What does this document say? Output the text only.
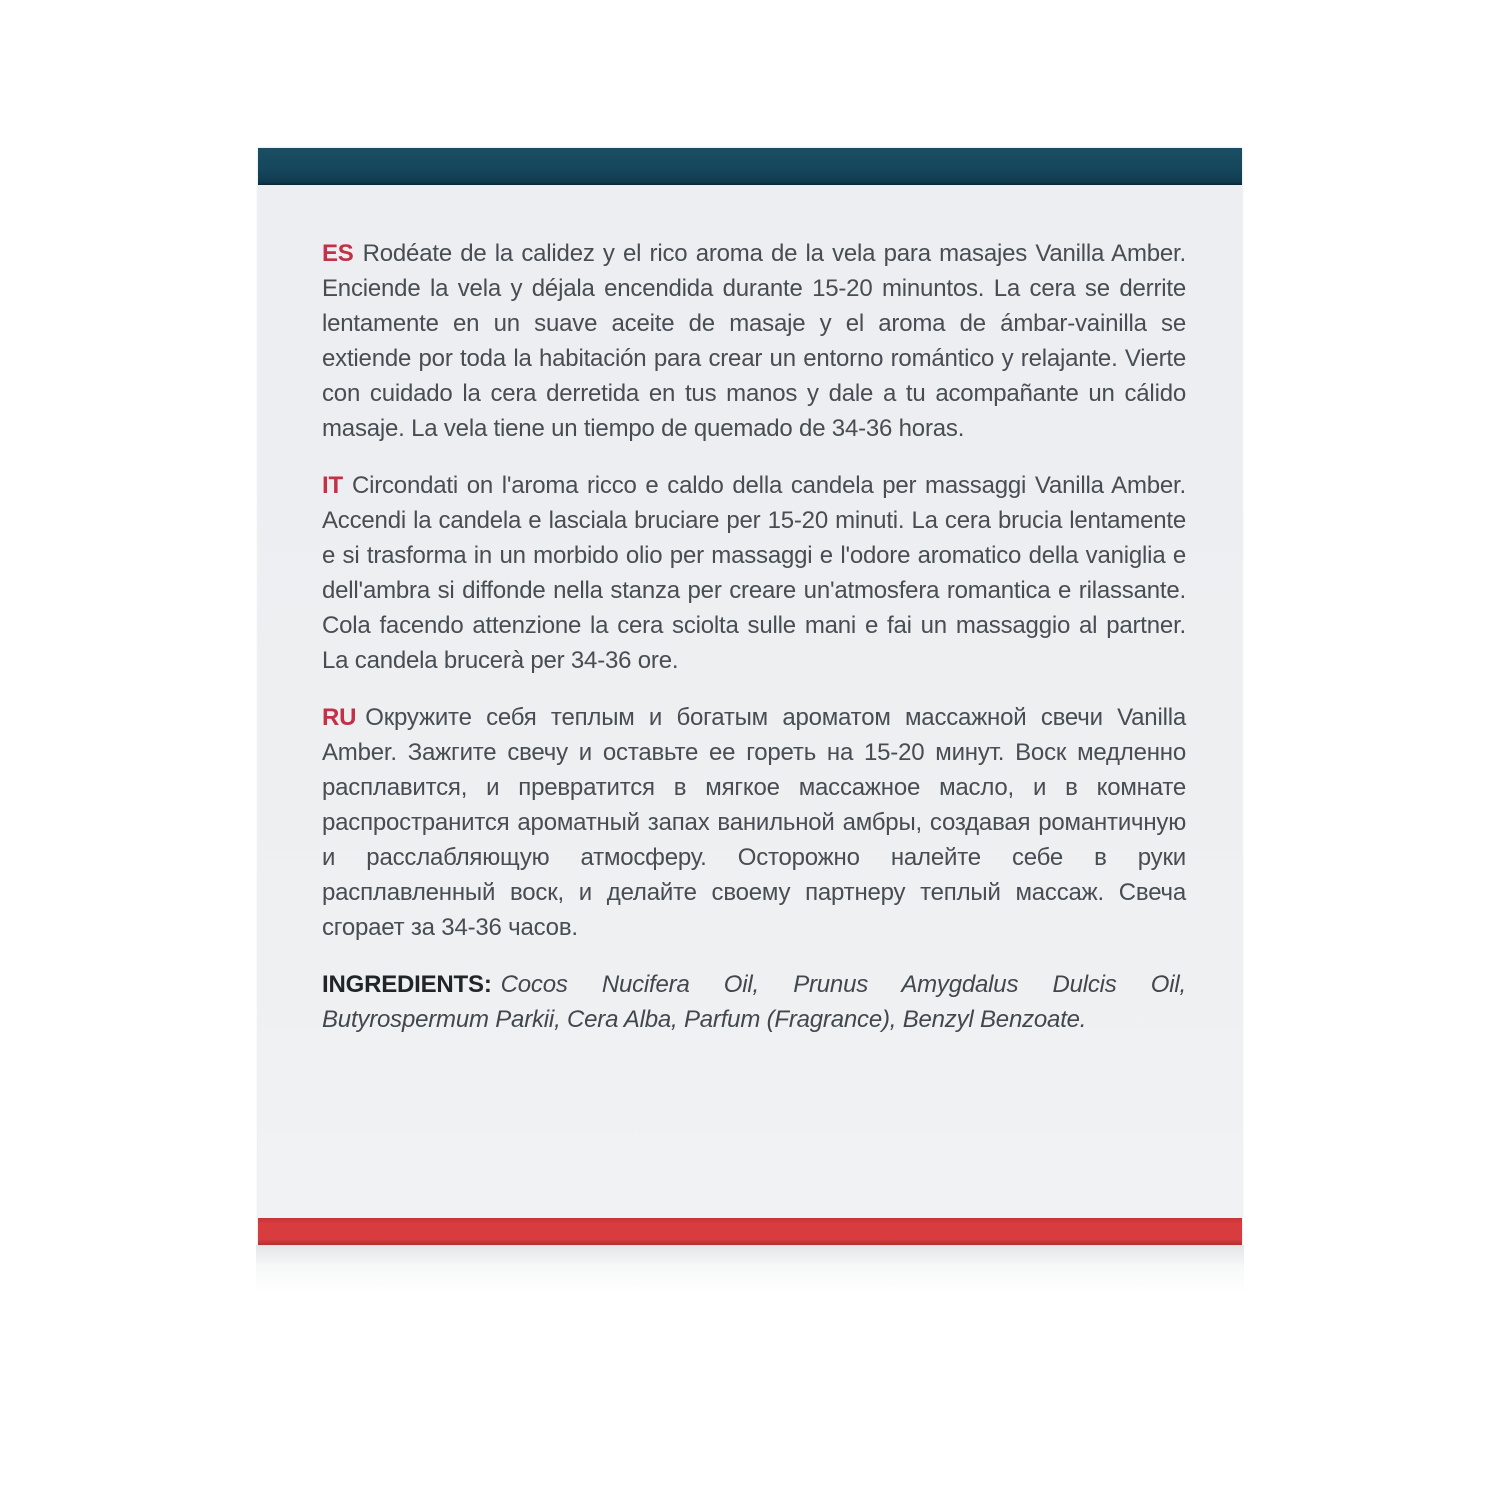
ES Rodéate de la calidez y el rico aroma de la vela para masajes Vanilla Amber. Enciende la vela y déjala encendida durante 15-20 minuntos. La cera se derrite lentamente en un suave aceite de masaje y el aroma de ámbar-vainilla se extiende por toda la habitación para crear un entorno romántico y relajante. Vierte con cuidado la cera derretida en tus manos y dale a tu acompañante un cálido masaje. La vela tiene un tiempo de quemado de 34-36 horas.

IT Circondati on l'aroma ricco e caldo della candela per massaggi Vanilla Amber. Accendi la candela e lasciala bruciare per 15-20 minuti. La cera brucia lentamente e si trasforma in un morbido olio per massaggi e l'odore aromatico della vaniglia e dell'ambra si diffonde nella stanza per creare un'atmosfera romantica e rilassante. Cola facendo attenzione la cera sciolta sulle mani e fai un massaggio al partner. La candela brucerà per 34-36 ore.

RU Окружите себя теплым и богатым ароматом массажной свечи Vanilla Amber. Зажгите свечу и оставьте ее гореть на 15-20 минут. Воск медленно расплавится, и превратится в мягкое массажное масло, и в комнате распространится ароматный запах ванильной амбры, создавая романтичную и расслабляющую атмосферу. Осторожно налейте себе в руки расплавленный воск, и делайте своему партнеру теплый массаж. Свеча сгорает за 34-36 часов.

INGREDIENTS: Cocos Nucifera Oil, Prunus Amygdalus Dulcis Oil, Butyrospermum Parkii, Cera Alba, Parfum (Fragrance), Benzyl Benzoate.
